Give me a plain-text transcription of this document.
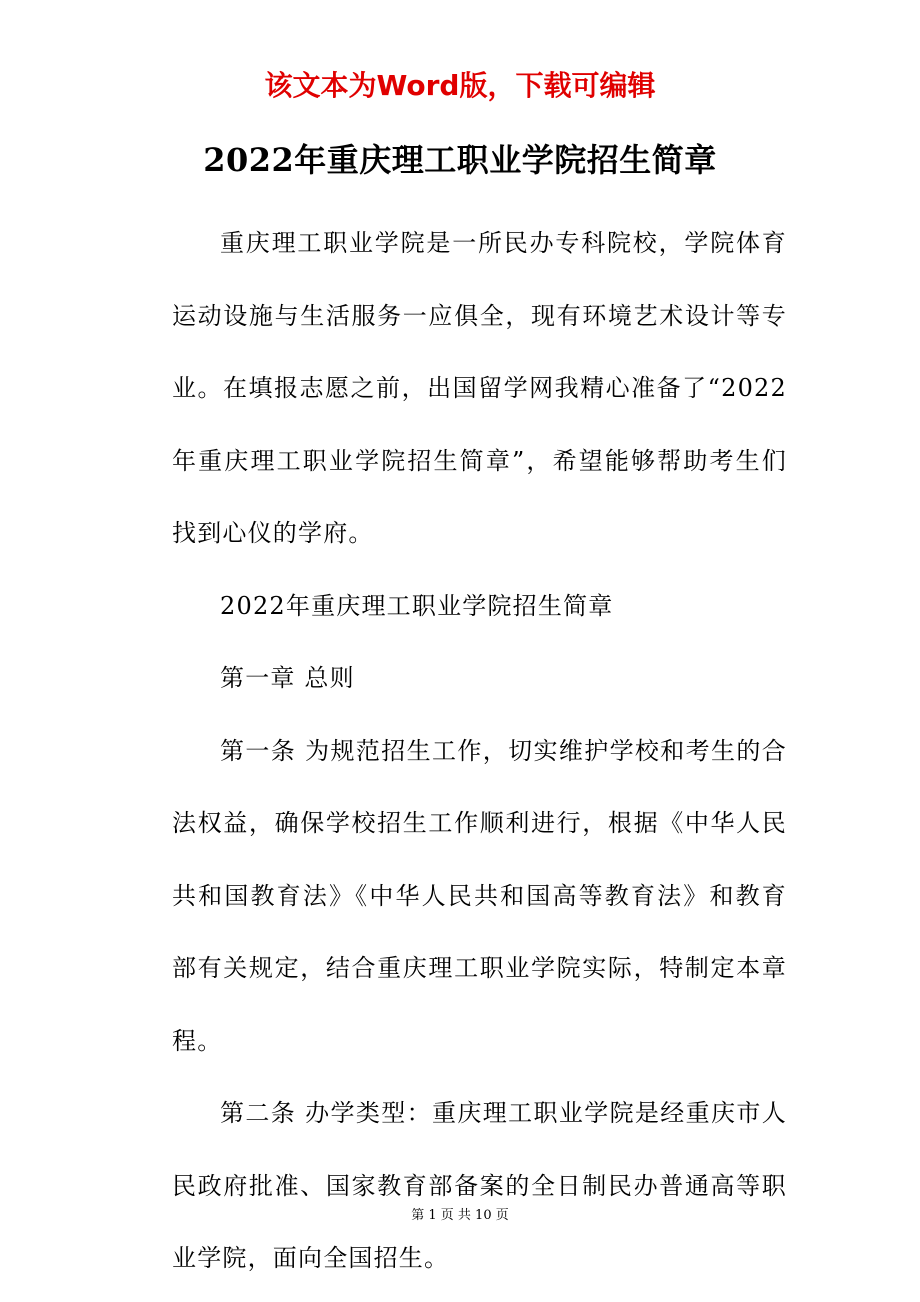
该文本为Word版，下载可编辑
2022年重庆理工职业学院招生简章

重庆理工职业学院是一所民办专科院校，学院体育运动设施与生活服务一应俱全，现有环境艺术设计等专业。在填报志愿之前，出国留学网我精心准备了“2022年重庆理工职业学院招生简章”，希望能够帮助考生们找到心仪的学府。

2022年重庆理工职业学院招生简章

第一章 总则

第一条 为规范招生工作，切实维护学校和考生的合法权益，确保学校招生工作顺利进行，根据《中华人民共和国教育法》《中华人民共和国高等教育法》和教育部有关规定，结合重庆理工职业学院实际，特制定本章程。

第二条 办学类型：重庆理工职业学院是经重庆市人民政府批准、国家教育部备案的全日制民办普通高等职业学院，面向全国招生。

第 1 页 共 10 页
